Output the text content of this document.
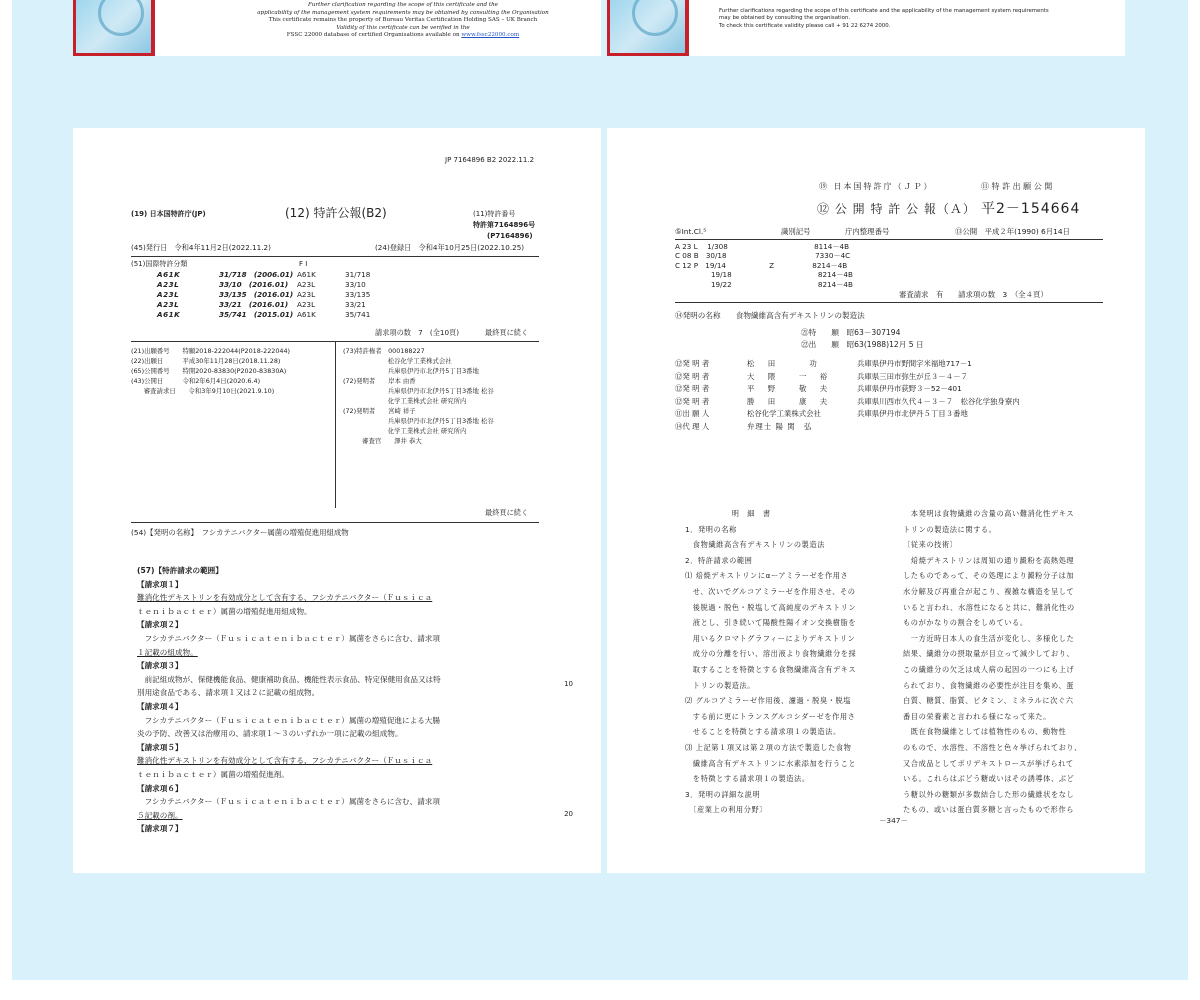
Further clarification regarding the scope of this certificate and the
applicability of the management system requirements may be obtained by consulting the Organisation
This certificate remains the property of Bureau Veritas Certification Holding SAS – UK Branch
Validity of this certificate can be verified in the
FSSC 22000 database of certified Organisations available on www.fssc22000.com
Further clarifications regarding the scope of this certificate and the applicability of the management system requirements
may be obtained by consulting the organisation.
To check this certificate validity please call + 91 22 6274 2000.
JP 7164896 B2 2022.11.2
(19) 日本国特許庁(JP)	(12) 特許公報(B2)	(11)特許番号
特許第7164896号
(P7164896)
(45)発行日　令和4年11月2日(2022.11.2)	(24)登録日　令和4年10月25日(2022.10.25)
(51)国際特許分類	F I
A61K	31/718　(2006.01) A61K	31/718
A23L	33/10　(2016.01)	A23L	33/10
A23L	33/135　(2016.01) A23L	33/135
A23L	33/21　(2016.01)	A23L	33/21
A61K	35/741　(2015.01) A61K	35/741
請求項の数　7　(全10頁)	最終頁に続く
(21)出願番号　　特願2018-222044(P2018-222044)
(22)出願日　　　平成30年11月28日(2018.11.28)
(65)公開番号　　特開2020-83830(P2020-83830A)
(43)公開日　　　令和2年6月4日(2020.6.4)
　　審査請求日　　令和3年9月10日(2021.9.10)
(73)特許権者　000188227
　　　　　　　松谷化学工業株式会社
　　　　　　　兵庫県伊丹市北伊丹5丁目3番地
(72)発明者　　岸本 由香
　　　　　　　兵庫県伊丹市北伊丹5丁目3番地 松谷
　　　　　　　化学工業株式会社 研究所内
(72)発明者　　宮崎 祥子
　　　　　　　兵庫県伊丹市北伊丹5丁目3番地 松谷
　　　　　　　化学工業株式会社 研究所内
　　　審査官　　澤井 恭大
最終頁に続く
(54)【発明の名称】　フシカテニバクター属菌の増殖促進用組成物
(57)【特許請求の範囲】
【請求項１】
難消化性デキストリンを有効成分として含有する、フシカテニバクター（Ｆｕｓｉｃａ
ｔｅｎｉｂａｃｔｅｒ）属菌の増殖促進用組成物。
【請求項２】
　フシカテニバクター（Ｆｕｓｉｃａｔｅｎｉｂａｃｔｅｒ）属菌をさらに含む、請求項
１記載の組成物。
【請求項３】
　前記組成物が、保健機能食品、健康補助食品、機能性表示食品、特定保健用食品又は特
別用途食品である、請求項１又は２に記載の組成物。
【請求項４】
　フシカテニバクター（Ｆｕｓｉｃａｔｅｎｉｂａｃｔｅｒ）属菌の増殖促進による大腸
炎の予防、改善又は治療用の、請求項１～３のいずれか一項に記載の組成物。
【請求項５】
難消化性デキストリンを有効成分として含有する、フシカテニバクター（Ｆｕｓｉｃａ
ｔｅｎｉｂａｃｔｅｒ）属菌の増殖促進剤。
【請求項６】
　フシカテニバクター（Ｆｕｓｉｃａｔｅｎｉｂａｃｔｅｒ）属菌をさらに含む、請求項
５記載の剤。
【請求項７】
10
20
⑲ 日本国特許庁（ＪＰ）	⑪ 特 許 出 願 公 開
⑫ 公 開 特 許 公 報（Ａ） 平2－154664
⑤Int.Cl.⁵	識別記号	庁内整理番号	⑬公開　平成２年(1990) 6月14日
A 23 L　 1/308　　　　　　　　　　　　8114－4B
C 08 B　30/18　　　　　　　　　　　　 7330－4C
C 12 P　19/14　　　　　　Z　　　　　 8214－4B
　　　　　19/18　　　　　　　　　　　　8214－4B
　　　　　19/22　　　　　　　　　　　　8214－4B
審査請求　有　　請求項の数　3　（全４頁）
⑭発明の名称　　食物繊維高含有デキストリンの製造法
㉑特　　願　昭63－307194
㉒出　　願　昭63(1988)12月 5 日
⑫発 明 者	松　田　　　功	兵庫県伊丹市野間字米福地717－1
⑫発 明 者	大　隈　　一　裕	兵庫県三田市弥生が丘３－４－７
⑫発 明 者	平　野　　敬　夫	兵庫県伊丹市荻野３－52－401
⑫発 明 者	勝　田　　康　夫	兵庫県川西市久代４－３－７　松谷化学独身寮内
⑪出 願 人	松谷化学工業株式会社	兵庫県伊丹市北伊丹５丁目３番地
⑭代 理 人	弁理士 陽 関　弘
　　　　　　明　細　書
1．発明の名称
　食物繊維高含有デキストリンの製造法
2．特許請求の範囲
⑴ 焙焼デキストリンにαーアミラーゼを作用さ
　せ、次いでグルコアミラーゼを作用させ、その
　後脱過・脱色・脱塩して高純度のデキストリン
　液とし、引き続いて陽酸性陽イオン交換樹脂を
　用いるクロマトグラフィーによりデキストリン
　成分の分離を行い、溶出液より食物繊維分を採
　取することを特徴とする食物繊維高含有デキス
　トリンの製造法。
⑵ グルコアミラーゼ作用後、濾過・脱臭・脱塩
　する前に更にトランスグルコシダーゼを作用さ
　せることを特徴とする請求項１の製造法。
⑶ 上記第１項又は第２項の方法で製造した食物
　繊維高含有デキストリンに水素添加を行うこと
　を特徴とする請求項１の製造法。
3．発明の詳細な説明
　〔産業上の利用分野〕
　本発明は食物繊維の含量の高い難消化性デキス
トリンの製造法に関する。
〔従来の技術〕
　焙焼デキストリンは周知の通り澱粉を高熱処理
したものであって、その処理により澱粉分子は加
水分解及び再重合が起こり、複雑な構造を呈して
いると言われ、水溶性になると共に、難消化性の
ものがかなりの割合をしめている。
　一方近時日本人の食生活が変化し、多様化した
結果、繊維分の摂取量が目立って減少しており、
この繊維分の欠乏は成人病の起因の一つにも上げ
られており、食物繊維の必要性が注目を集め、蛋
白質、糖質、脂質、ビタミン、ミネラルに次ぐ六
番目の栄養素と言われる様になって来た。
　既在食物繊維としては植物性のもの、動物性
のもので、水溶性、不溶性と色々挙げられており、
又合成品としてポリデキストロースが挙げられて
いる。これらはぶどう糖或いはその誘導体、ぶど
う糖以外の糖類が多数結合した形の繊維状をなし
たもの、或いは蛋白質多糖と言ったもので形作ら
－347－
